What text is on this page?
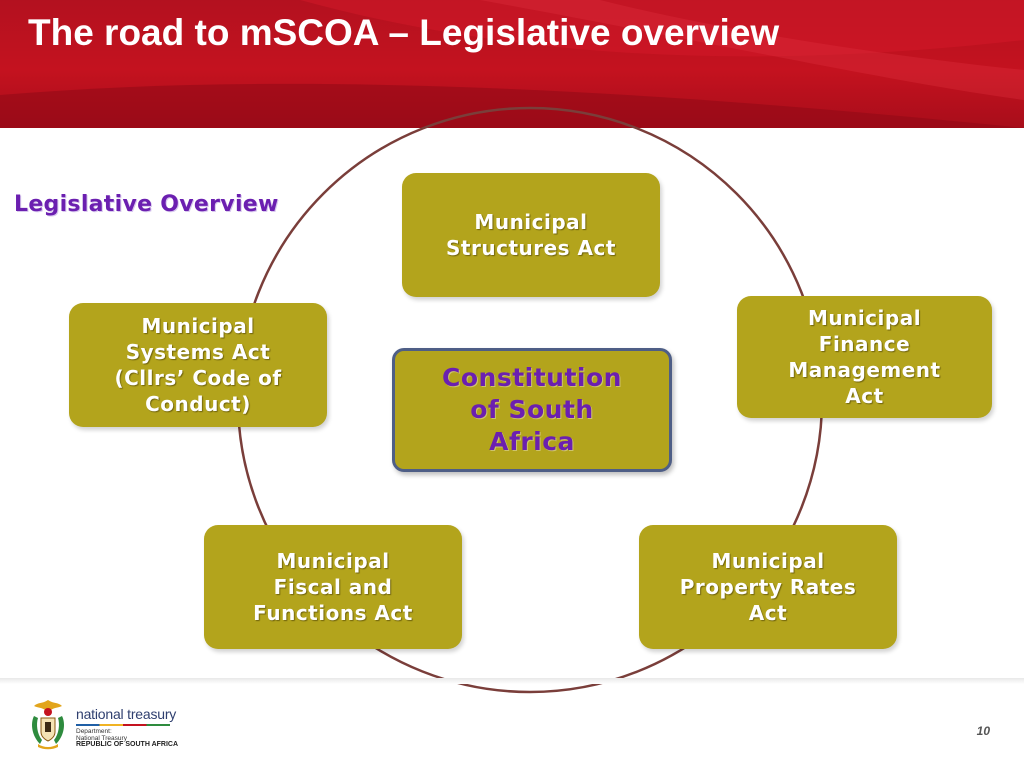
The road to mSCOA – Legislative overview
Legislative Overview
Municipal
Structures Act
Municipal
Systems Act
(Cllrs’ Code of
Conduct)
Municipal
Finance
Management
Act
Municipal
Fiscal and
Functions Act
Municipal
Property Rates
Act
Constitution
of South
Africa
national treasury
Department:
National Treasury
REPUBLIC OF SOUTH AFRICA
10
